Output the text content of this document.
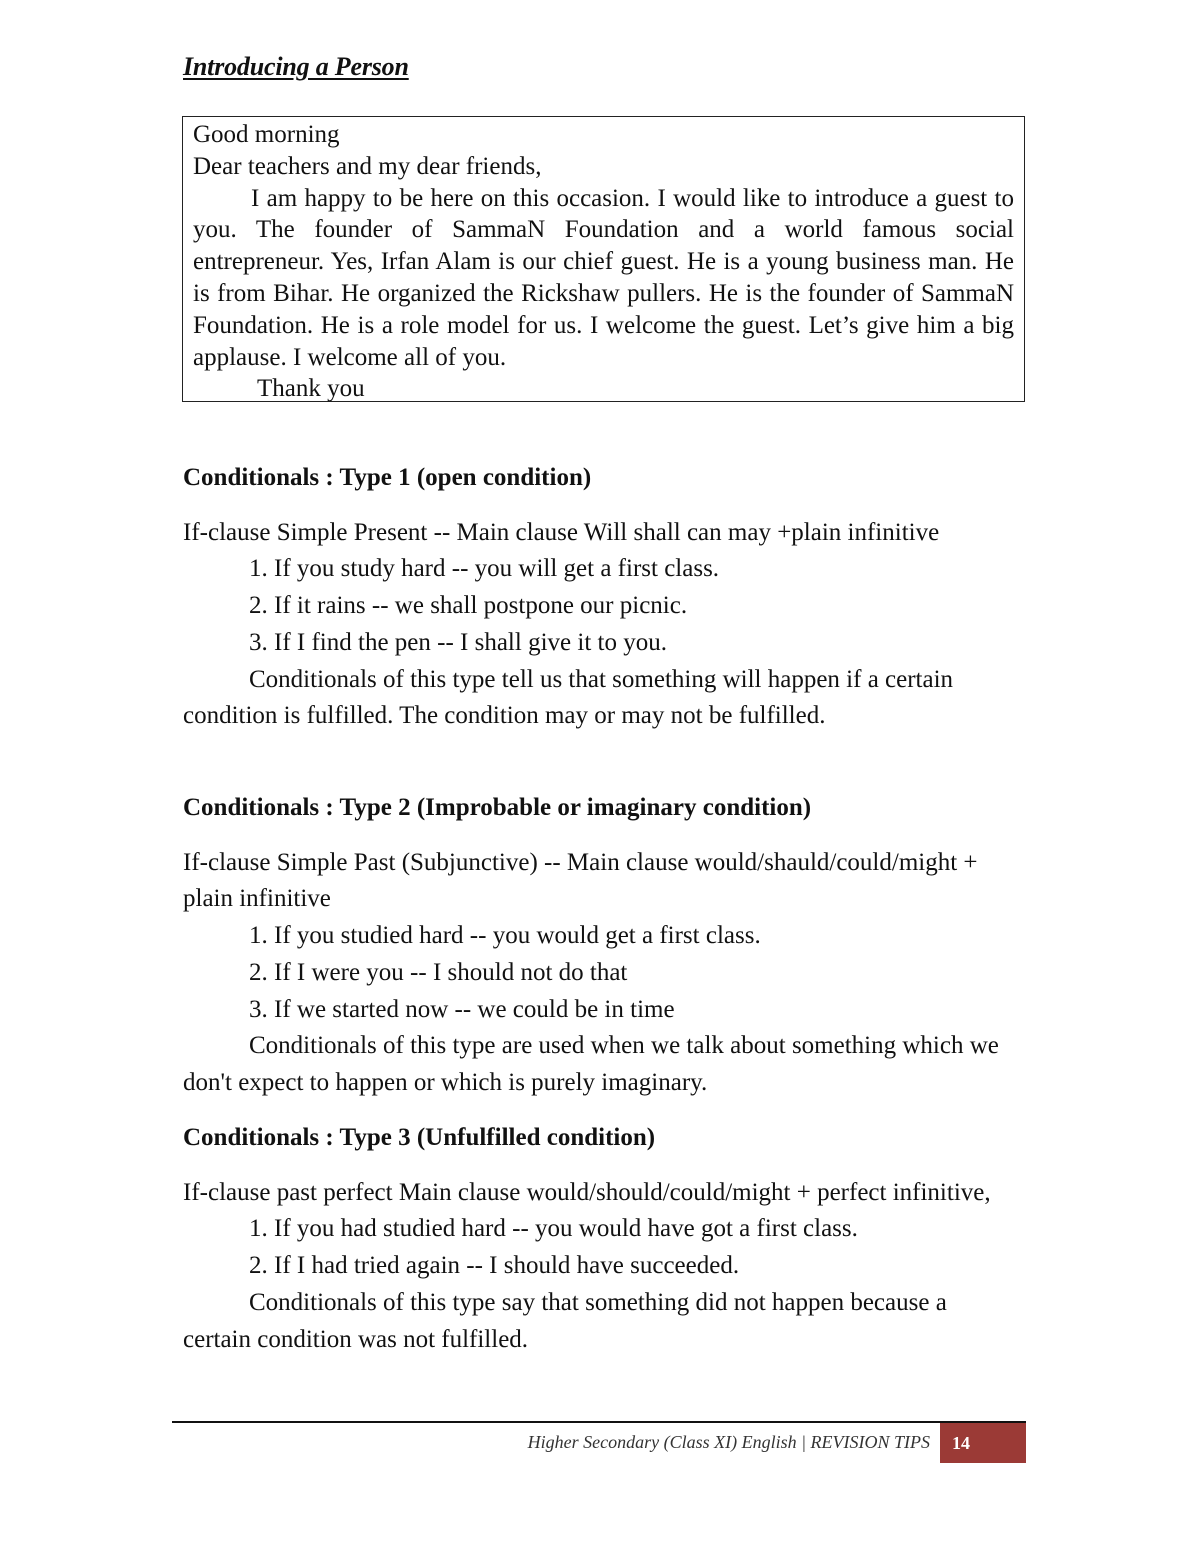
Introducing a Person
Good morning
Dear teachers and my dear friends,
I am happy to be here on this occasion. I would like to introduce a guest to you. The founder of SammaN Foundation and a world famous social entrepreneur. Yes, Irfan Alam is our chief guest. He is a young business man. He is from Bihar. He organized the Rickshaw pullers. He is the founder of SammaN Foundation. He is a role model for us. I welcome the guest. Let’s give him a big applause. I welcome all of you.
Thank you
Conditionals : Type 1 (open condition)
If-clause Simple Present -- Main clause Will shall can may +plain infinitive
1. If you study hard -- you will get a first class.
2. If it rains -- we shall postpone our picnic.
3. If I find the pen -- I shall give it to you.
Conditionals of this type tell us that something will happen if a certain condition is fulfilled. The condition may or may not be fulfilled.
Conditionals : Type 2 (Improbable or imaginary condition)
If-clause Simple Past (Subjunctive) -- Main clause would/shauld/could/might + plain infinitive
1. If you studied hard -- you would get a first class.
2. If I were you -- I should not do that
3. If we started now -- we could be in time
Conditionals of this type are used when we talk about something which we don't expect to happen or which is purely imaginary.
Conditionals : Type 3 (Unfulfilled condition)
If-clause past perfect Main clause would/should/could/might + perfect infinitive,
1. If you had studied hard -- you would have got a first class.
2. If I had tried again -- I should have succeeded.
Conditionals of this type say that something did not happen because a certain condition was not fulfilled.
Higher Secondary (Class XI) English | REVISION TIPS	14
